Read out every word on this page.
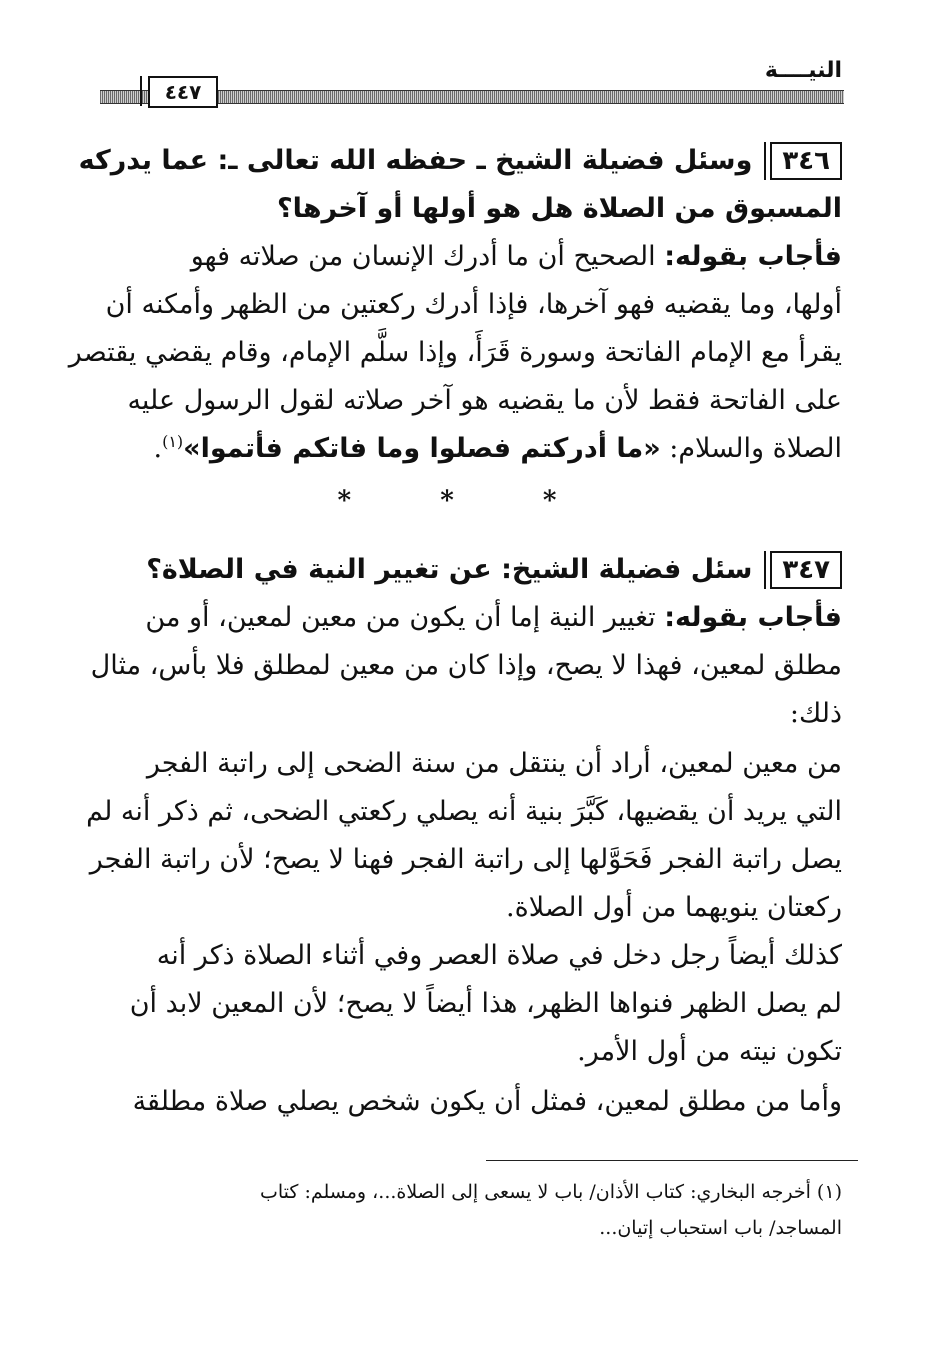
النيــــة
٤٤٧
٣٤٦وسئل فضيلة الشيخ ـ حفظه الله تعالى ـ: عما يدركه
المسبوق من الصلاة هل هو أولها أو آخرها؟
فأجاب بقوله: الصحيح أن ما أدرك الإنسان من صلاته فهو
أولها، وما يقضيه فهو آخرها، فإذا أدرك ركعتين من الظهر وأمكنه أن
يقرأ مع الإمام الفاتحة وسورة قَرَأَ، وإذا سلَّم الإمام، وقام يقضي يقتصر
على الفاتحة فقط لأن ما يقضيه هو آخر صلاته لقول الرسول عليه
الصلاة والسلام: «ما أدركتم فصلوا وما فاتكم فأتموا»$^{(١)}$.
* * *
٣٤٧سئل فضيلة الشيخ: عن تغيير النية في الصلاة؟
فأجاب بقوله: تغيير النية إما أن يكون من معين لمعين، أو من
مطلق لمعين، فهذا لا يصح، وإذا كان من معين لمطلق فلا بأس، مثال
ذلك:
من معين لمعين، أراد أن ينتقل من سنة الضحى إلى راتبة الفجر
التي يريد أن يقضيها، كَبَّرَ بنية أنه يصلي ركعتي الضحى، ثم ذكر أنه لم
يصل راتبة الفجر فَحَوَّلها إلى راتبة الفجر فهنا لا يصح؛ لأن راتبة الفجر
ركعتان ينويهما من أول الصلاة.
كذلك أيضاً رجل دخل في صلاة العصر وفي أثناء الصلاة ذكر أنه
لم يصل الظهر فنواها الظهر، هذا أيضاً لا يصح؛ لأن المعين لابد أن
تكون نيته من أول الأمر.
وأما من مطلق لمعين، فمثل أن يكون شخص يصلي صلاة مطلقة
(١) أخرجه البخاري: كتاب الأذان/ باب لا يسعى إلى الصلاة...، ومسلم: كتاب
المساجد/ باب استحباب إتيان...
